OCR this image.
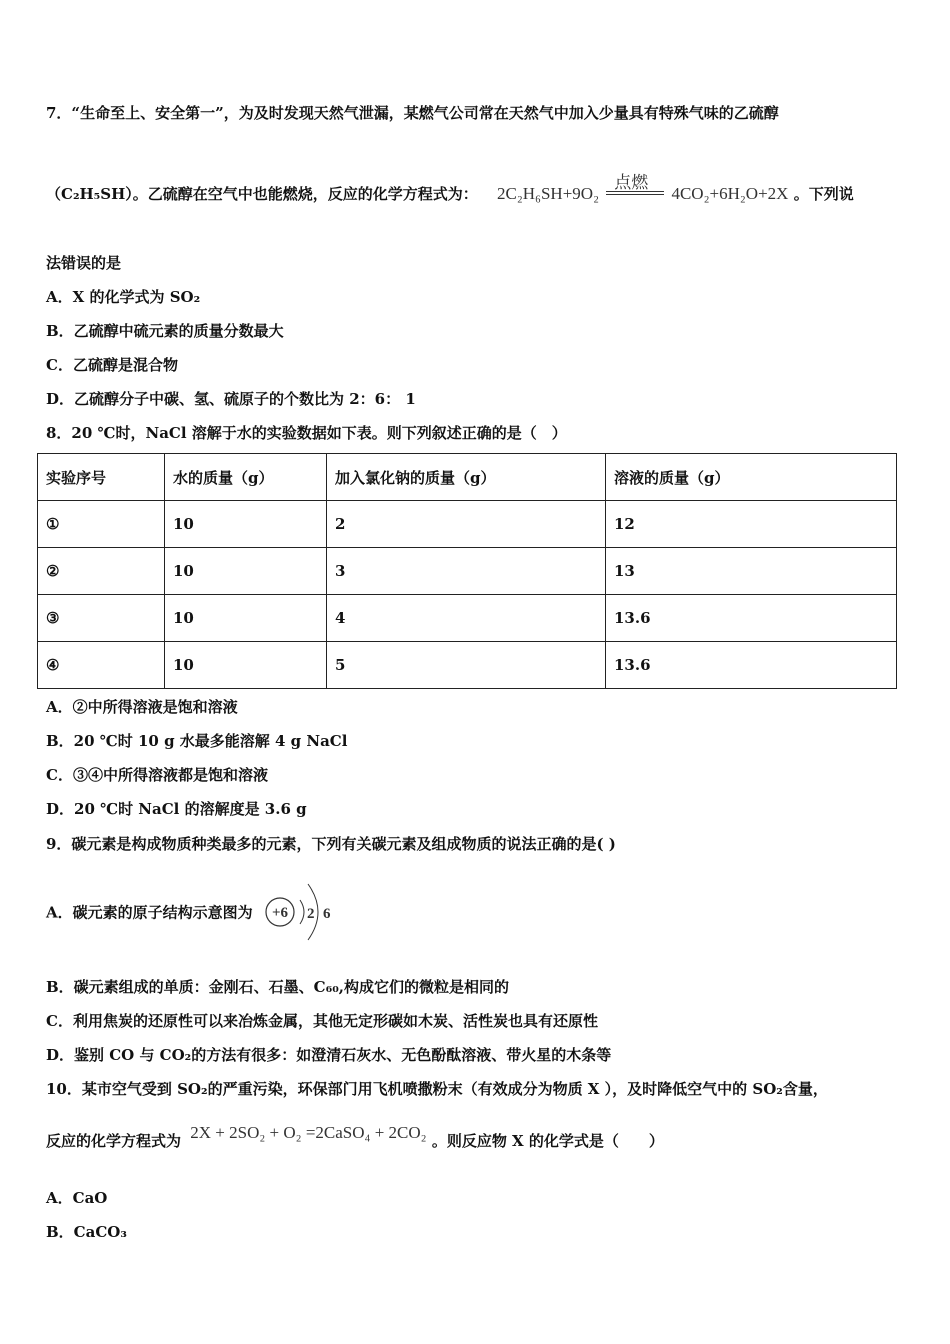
7．“生命至上、安全第一”，为及时发现天然气泄漏，某燃气公司常在天然气中加入少量具有特殊气味的乙硫醇
（C₂H₅SH）。乙硫醇在空气中也能燃烧，反应的化学方程式为： 2C₂H₆SH+9O₂
点燃
4CO₂+6H₂O+2X 。下列说
法错误的是
A．X 的化学式为 SO₂
B．乙硫醇中硫元素的质量分数最大
C．乙硫醇是混合物
D．乙硫醇分子中碳、氢、硫原子的个数比为 2：6： 1
8．20 ℃时，NaCl 溶解于水的实验数据如下表。则下列叙述正确的是（　）
实验序号	水的质量（g）	加入氯化钠的质量（g）	溶液的质量（g）
①	10	2	12
②	10	3	13
③	10	4	13.6
④	10	5	13.6
A．②中所得溶液是饱和溶液
B．20 ℃时 10 g 水最多能溶解 4 g NaCl
C．③④中所得溶液都是饱和溶液
D．20 ℃时 NaCl 的溶解度是 3.6 g
9．碳元素是构成物质种类最多的元素，下列有关碳元素及组成物质的说法正确的是( )
A．碳元素的原子结构示意图为 +6 2 6
B．碳元素组成的单质：金刚石、石墨、C₆₀,构成它们的微粒是相同的
C．利用焦炭的还原性可以来冶炼金属，其他无定形碳如木炭、活性炭也具有还原性
D．鉴别 CO 与 CO₂的方法有很多：如澄清石灰水、无色酚酞溶液、带火星的木条等
10．某市空气受到 SO₂的严重污染，环保部门用飞机喷撒粉末（有效成分为物质 X ），及时降低空气中的 SO₂含量，
反应的化学方程式为 2X + 2SO₂ + O₂ =2CaSO₄ + 2CO₂ 。则反应物 X 的化学式是（　　）
A．CaO
B．CaCO₃
